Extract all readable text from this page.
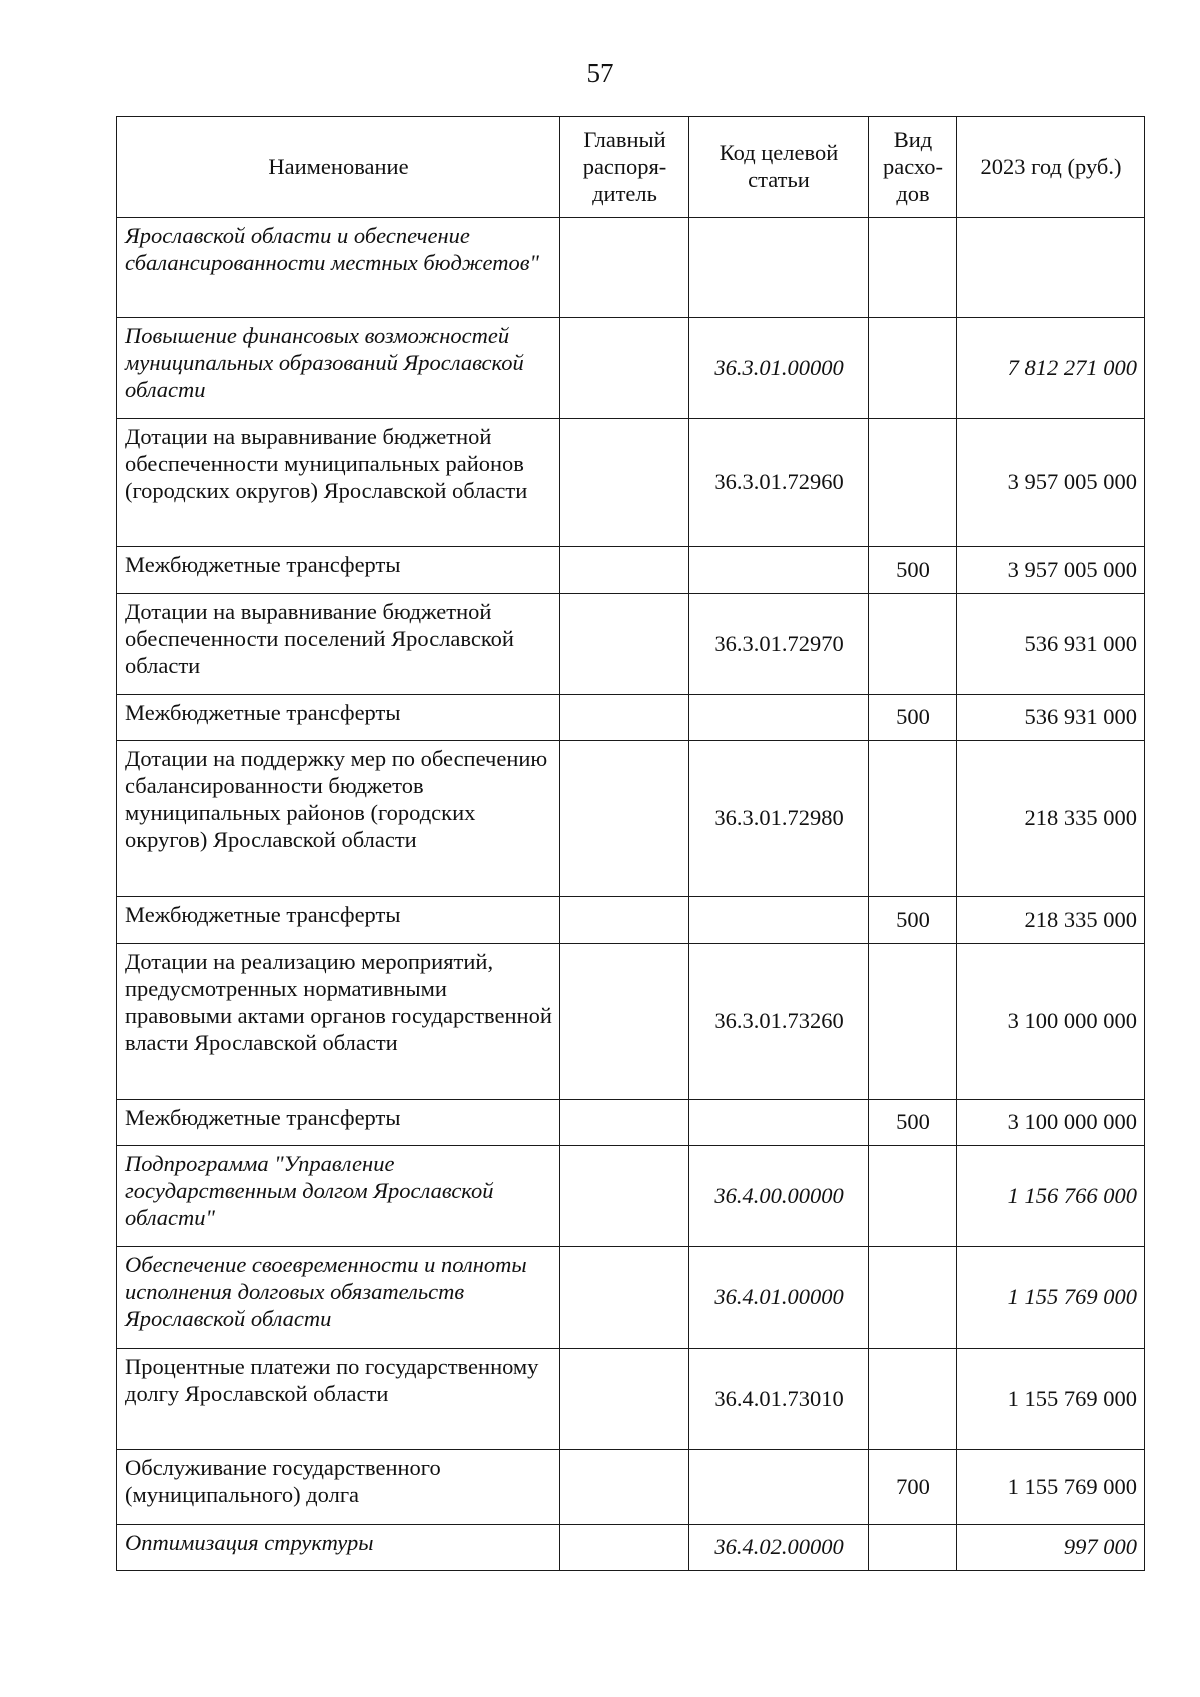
57
Наименование	Главный распоря-дитель	Код целевой статьи	Вид расхо-дов	2023 год (руб.)
Ярославской области и обеспечение сбалансированности местных бюджетов"				
Повышение финансовых возможностей муниципальных образований Ярославской области		36.3.01.00000		7 812 271 000
Дотации на выравнивание бюджетной обеспеченности муниципальных районов (городских округов) Ярославской области		36.3.01.72960		3 957 005 000
Межбюджетные трансферты			500	3 957 005 000
Дотации на выравнивание бюджетной обеспеченности поселений Ярославской области		36.3.01.72970		536 931 000
Межбюджетные трансферты			500	536 931 000
Дотации на поддержку мер по обеспечению сбалансированности бюджетов муниципальных районов (городских округов) Ярославской области		36.3.01.72980		218 335 000
Межбюджетные трансферты			500	218 335 000
Дотации на реализацию мероприятий, предусмотренных нормативными правовыми актами органов государственной власти Ярославской области		36.3.01.73260		3 100 000 000
Межбюджетные трансферты			500	3 100 000 000
Подпрограмма "Управление государственным долгом Ярославской области"		36.4.00.00000		1 156 766 000
Обеспечение своевременности и полноты исполнения долговых обязательств Ярославской области		36.4.01.00000		1 155 769 000
Процентные платежи по государственному долгу Ярославской области		36.4.01.73010		1 155 769 000
Обслуживание государственного (муниципального) долга			700	1 155 769 000
Оптимизация структуры		36.4.02.00000		997 000
